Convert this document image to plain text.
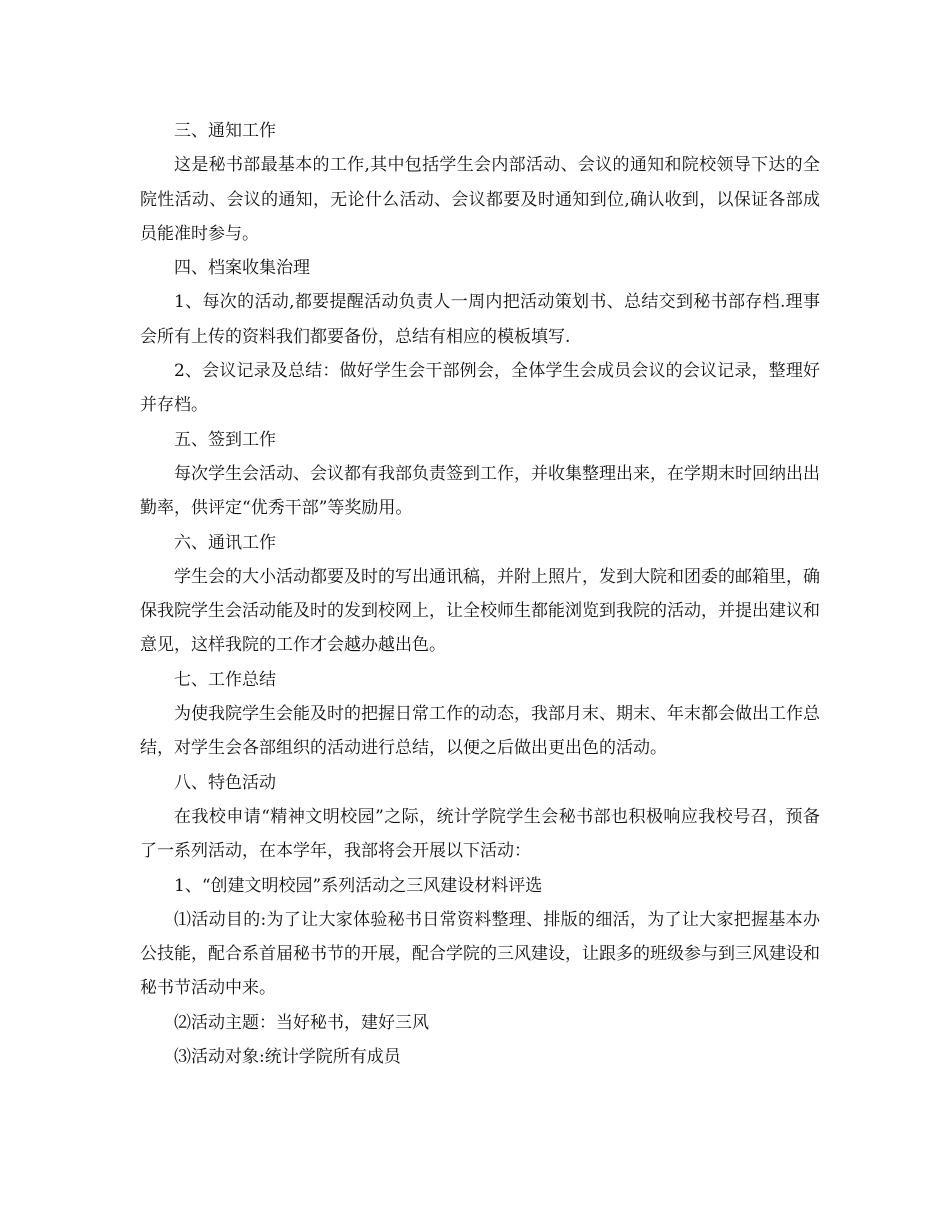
三、通知工作

这是秘书部最基本的工作,其中包括学生会内部活动、会议的通知和院校领导下达的全院性活动、会议的通知，无论什么活动、会议都要及时通知到位,确认收到，以保证各部成员能准时参与。

四、档案收集治理

1、每次的活动,都要提醒活动负责人一周内把活动策划书、总结交到秘书部存档.理事会所有上传的资料我们都要备份，总结有相应的模板填写.

2、会议记录及总结：做好学生会干部例会，全体学生会成员会议的会议记录，整理好并存档。

五、签到工作

每次学生会活动、会议都有我部负责签到工作，并收集整理出来，在学期末时回纳出出勤率，供评定“优秀干部”等奖励用。

六、通讯工作

学生会的大小活动都要及时的写出通讯稿，并附上照片，发到大院和团委的邮箱里，确保我院学生会活动能及时的发到校网上，让全校师生都能浏览到我院的活动，并提出建议和意见，这样我院的工作才会越办越出色。

七、工作总结

为使我院学生会能及时的把握日常工作的动态，我部月末、期末、年末都会做出工作总结，对学生会各部组织的活动进行总结，以便之后做出更出色的活动。

八、特色活动

在我校申请“精神文明校园”之际，统计学院学生会秘书部也积极响应我校号召，预备了一系列活动，在本学年，我部将会开展以下活动：

1、“创建文明校园”系列活动之三风建设材料评选

⑴活动目的:为了让大家体验秘书日常资料整理、排版的细活，为了让大家把握基本办公技能，配合系首届秘书节的开展，配合学院的三风建设，让跟多的班级参与到三风建设和秘书节活动中来。

⑵活动主题：当好秘书，建好三风

⑶活动对象:统计学院所有成员
